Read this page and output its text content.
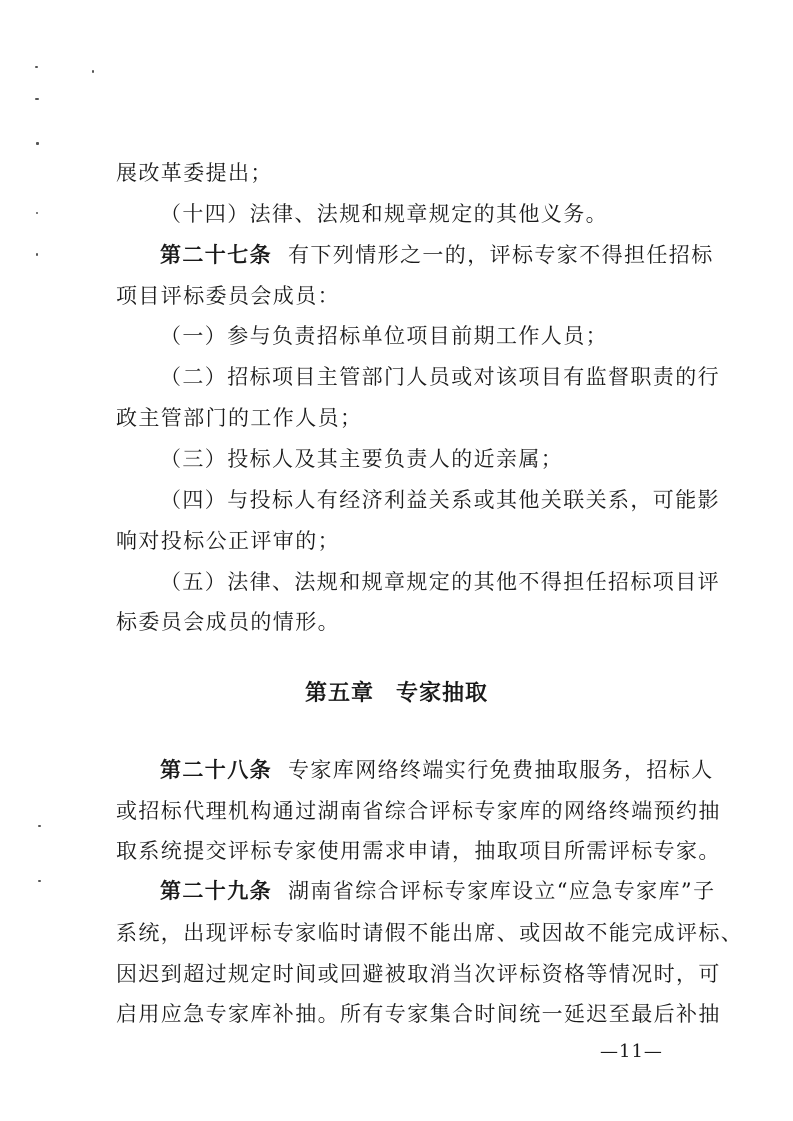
展改革委提出；
（十四）法律、法规和规章规定的其他义务。
第二十七条 有下列情形之一的，评标专家不得担任招标
项目评标委员会成员：
（一）参与负责招标单位项目前期工作人员；
（二）招标项目主管部门人员或对该项目有监督职责的行
政主管部门的工作人员；
（三）投标人及其主要负责人的近亲属；
（四）与投标人有经济利益关系或其他关联关系，可能影
响对投标公正评审的；
（五）法律、法规和规章规定的其他不得担任招标项目评
标委员会成员的情形。
第五章 专家抽取
第二十八条 专家库网络终端实行免费抽取服务，招标人
或招标代理机构通过湖南省综合评标专家库的网络终端预约抽
取系统提交评标专家使用需求申请，抽取项目所需评标专家。
第二十九条 湖南省综合评标专家库设立“应急专家库”子
系统，出现评标专家临时请假不能出席、或因故不能完成评标、
因迟到超过规定时间或回避被取消当次评标资格等情况时，可
启用应急专家库补抽。所有专家集合时间统一延迟至最后补抽
—11—
